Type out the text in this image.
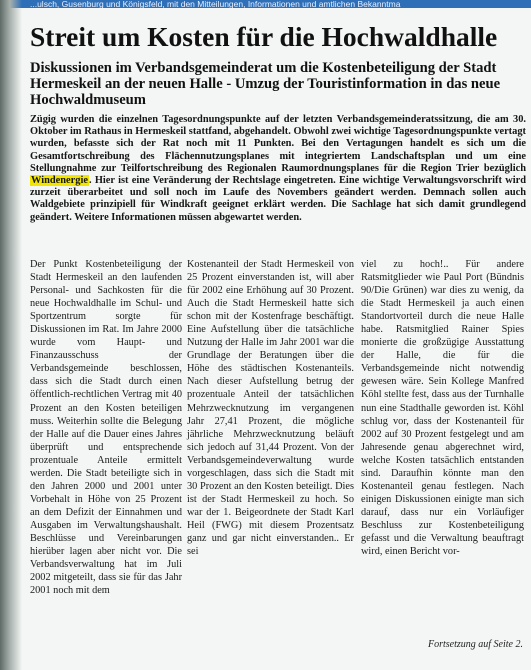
...ulsch, Gusenburg und Königsfeld, mit den Mitteilungen, Informationen und amtlichen Bekanntma
Streit um Kosten für die Hochwaldhalle

Diskussionen im Verbandsgemeinderat um die Kostenbeteiligung der Stadt Hermeskeil an der neuen Halle - Umzug der Touristinformation in das neue Hochwaldmuseum

Zügig wurden die einzelnen Tagesordnungspunkte auf der letzten Verbandsgemeinderatssitzung, die am 30. Oktober im Rathaus in Hermeskeil stattfand, abgehandelt. Obwohl zwei wichtige Tagesordnungspunkte vertagt wurden, befasste sich der Rat noch mit 11 Punkten. Bei den Vertagungen handelt es sich um die Gesamtfortschreibung des Flächennutzungsplanes mit integriertem Landschaftsplan und um eine Stellungnahme zur Teilfortschreibung des Regionalen Raumordnungsplanes für die Region Trier bezüglich Windenergie. Hier ist eine Veränderung der Rechtslage eingetreten. Eine wichtige Verwaltungsvorschrift wird zurzeit überarbeitet und soll noch im Laufe des Novembers geändert werden. Demnach sollen auch Waldgebiete prinzipiell für Windkraft geeignet erklärt werden. Die Sachlage hat sich damit grundlegend geändert. Weitere Informationen müssen abgewartet werden.

Der Punkt Kostenbeteiligung der Stadt Hermeskeil an den laufenden Personal- und Sachkosten für die neue Hochwaldhalle im Schul- und Sportzentrum sorgte für Diskussionen im Rat. Im Jahre 2000 wurde vom Haupt- und Finanzausschuss der Verbandsgemeinde beschlossen, dass sich die Stadt durch einen öffentlich-rechtlichen Vertrag mit 40 Prozent an den Kosten beteiligen muss. Weiterhin sollte die Belegung der Halle auf die Dauer eines Jahres überprüft und entsprechende prozentuale Anteile ermittelt werden. Die Stadt beteiligte sich in den Jahren 2000 und 2001 unter Vorbehalt in Höhe von 25 Prozent an dem Defizit der Einnahmen und Ausgaben im Verwaltungshaushalt. Beschlüsse und Vereinbarungen hierüber lagen aber nicht vor. Die Verbandsverwaltung hat im Juli 2002 mitgeteilt, dass sie für das Jahr 2001 noch mit dem

Kostenanteil der Stadt Hermeskeil von 25 Prozent einverstanden ist, will aber für 2002 eine Erhöhung auf 30 Prozent. Auch die Stadt Hermeskeil hatte sich schon mit der Kostenfrage beschäftigt. Eine Aufstellung über die tatsächliche Nutzung der Halle im Jahr 2001 war die Grundlage der Beratungen über die Höhe des städtischen Kostenanteils. Nach dieser Aufstellung betrug der prozentuale Anteil der tatsächlichen Mehrzwecknutzung im vergangenen Jahr 27,41 Prozent, die mögliche jährliche Mehrzwecknutzung beläuft sich jedoch auf 31,44 Prozent. Von der Verbandsgemeindeverwaltung wurde vorgeschlagen, dass sich die Stadt mit 30 Prozent an den Kosten beteiligt. Dies ist der Stadt Hermeskeil zu hoch. So war der 1. Beigeordnete der Stadt Karl Heil (FWG) mit diesem Prozentsatz ganz und gar nicht einverstanden.. Er sei

viel zu hoch!.. Für andere Ratsmitglieder wie Paul Port (Bündnis 90/Die Grünen) war dies zu wenig, da die Stadt Hermeskeil ja auch einen Standortvorteil durch die neue Halle habe. Ratsmitglied Rainer Spies monierte die großzügige Ausstattung der Halle, die für die Verbandsgemeinde nicht notwendig gewesen wäre. Sein Kollege Manfred Köhl stellte fest, dass aus der Turnhalle nun eine Stadthalle geworden ist. Köhl schlug vor, dass der Kostenanteil für 2002 auf 30 Prozent festgelegt und am Jahresende genau abgerechnet wird, welche Kosten tatsächlich entstanden sind. Daraufhin könnte man den Kostenanteil genau festlegen. Nach einigen Diskussionen einigte man sich darauf, dass nur ein Vorläufiger Beschluss zur Kostenbeteiligung gefasst und die Verwaltung beauftragt wird, einen Bericht vor-

Fortsetzung auf Seite 2.
